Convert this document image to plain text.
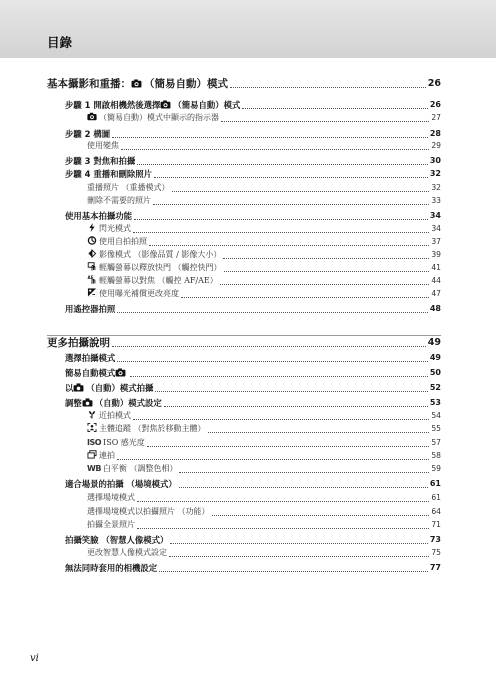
目錄
基本攝影和重播： （簡易自動）模式	26
步驟 1 開啟相機然後選擇 （簡易自動）模式	26
（簡易自動）模式中顯示的指示器	27
步驟 2 構圖	28
使用變焦	29
步驟 3 對焦和拍攝	30
步驟 4 重播和刪除照片	32
重播照片 （重播模式）	32
刪除不需要的照片	33
使用基本拍攝功能	34
閃光模式	34
使用自拍拍照	37
影像模式 （影像品質 / 影像大小）	39
輕觸螢幕以釋放快門 （觸控快門）	41
AF 輕觸螢幕以對焦 （觸控 AF/AE）	44
使用曝光補償更改亮度	47
用遙控器拍照	48
更多拍攝說明	49
選擇拍攝模式	49
簡易自動模式	50
以 （自動）模式拍攝	52
調整 （自動）模式設定	53
近拍模式	54
主體追蹤 （對焦於移動主體）	55
ISO ISO 感光度	57
連拍	58
WB 白平衡 （調整色相）	59
適合場景的拍攝 （場境模式）	61
選擇場境模式	61
選擇場境模式以拍攝照片 （功能）	64
拍攝全景照片	71
拍攝笑臉 （智慧人像模式）	73
更改智慧人像模式設定	75
無法同時套用的相機設定	77
vi
